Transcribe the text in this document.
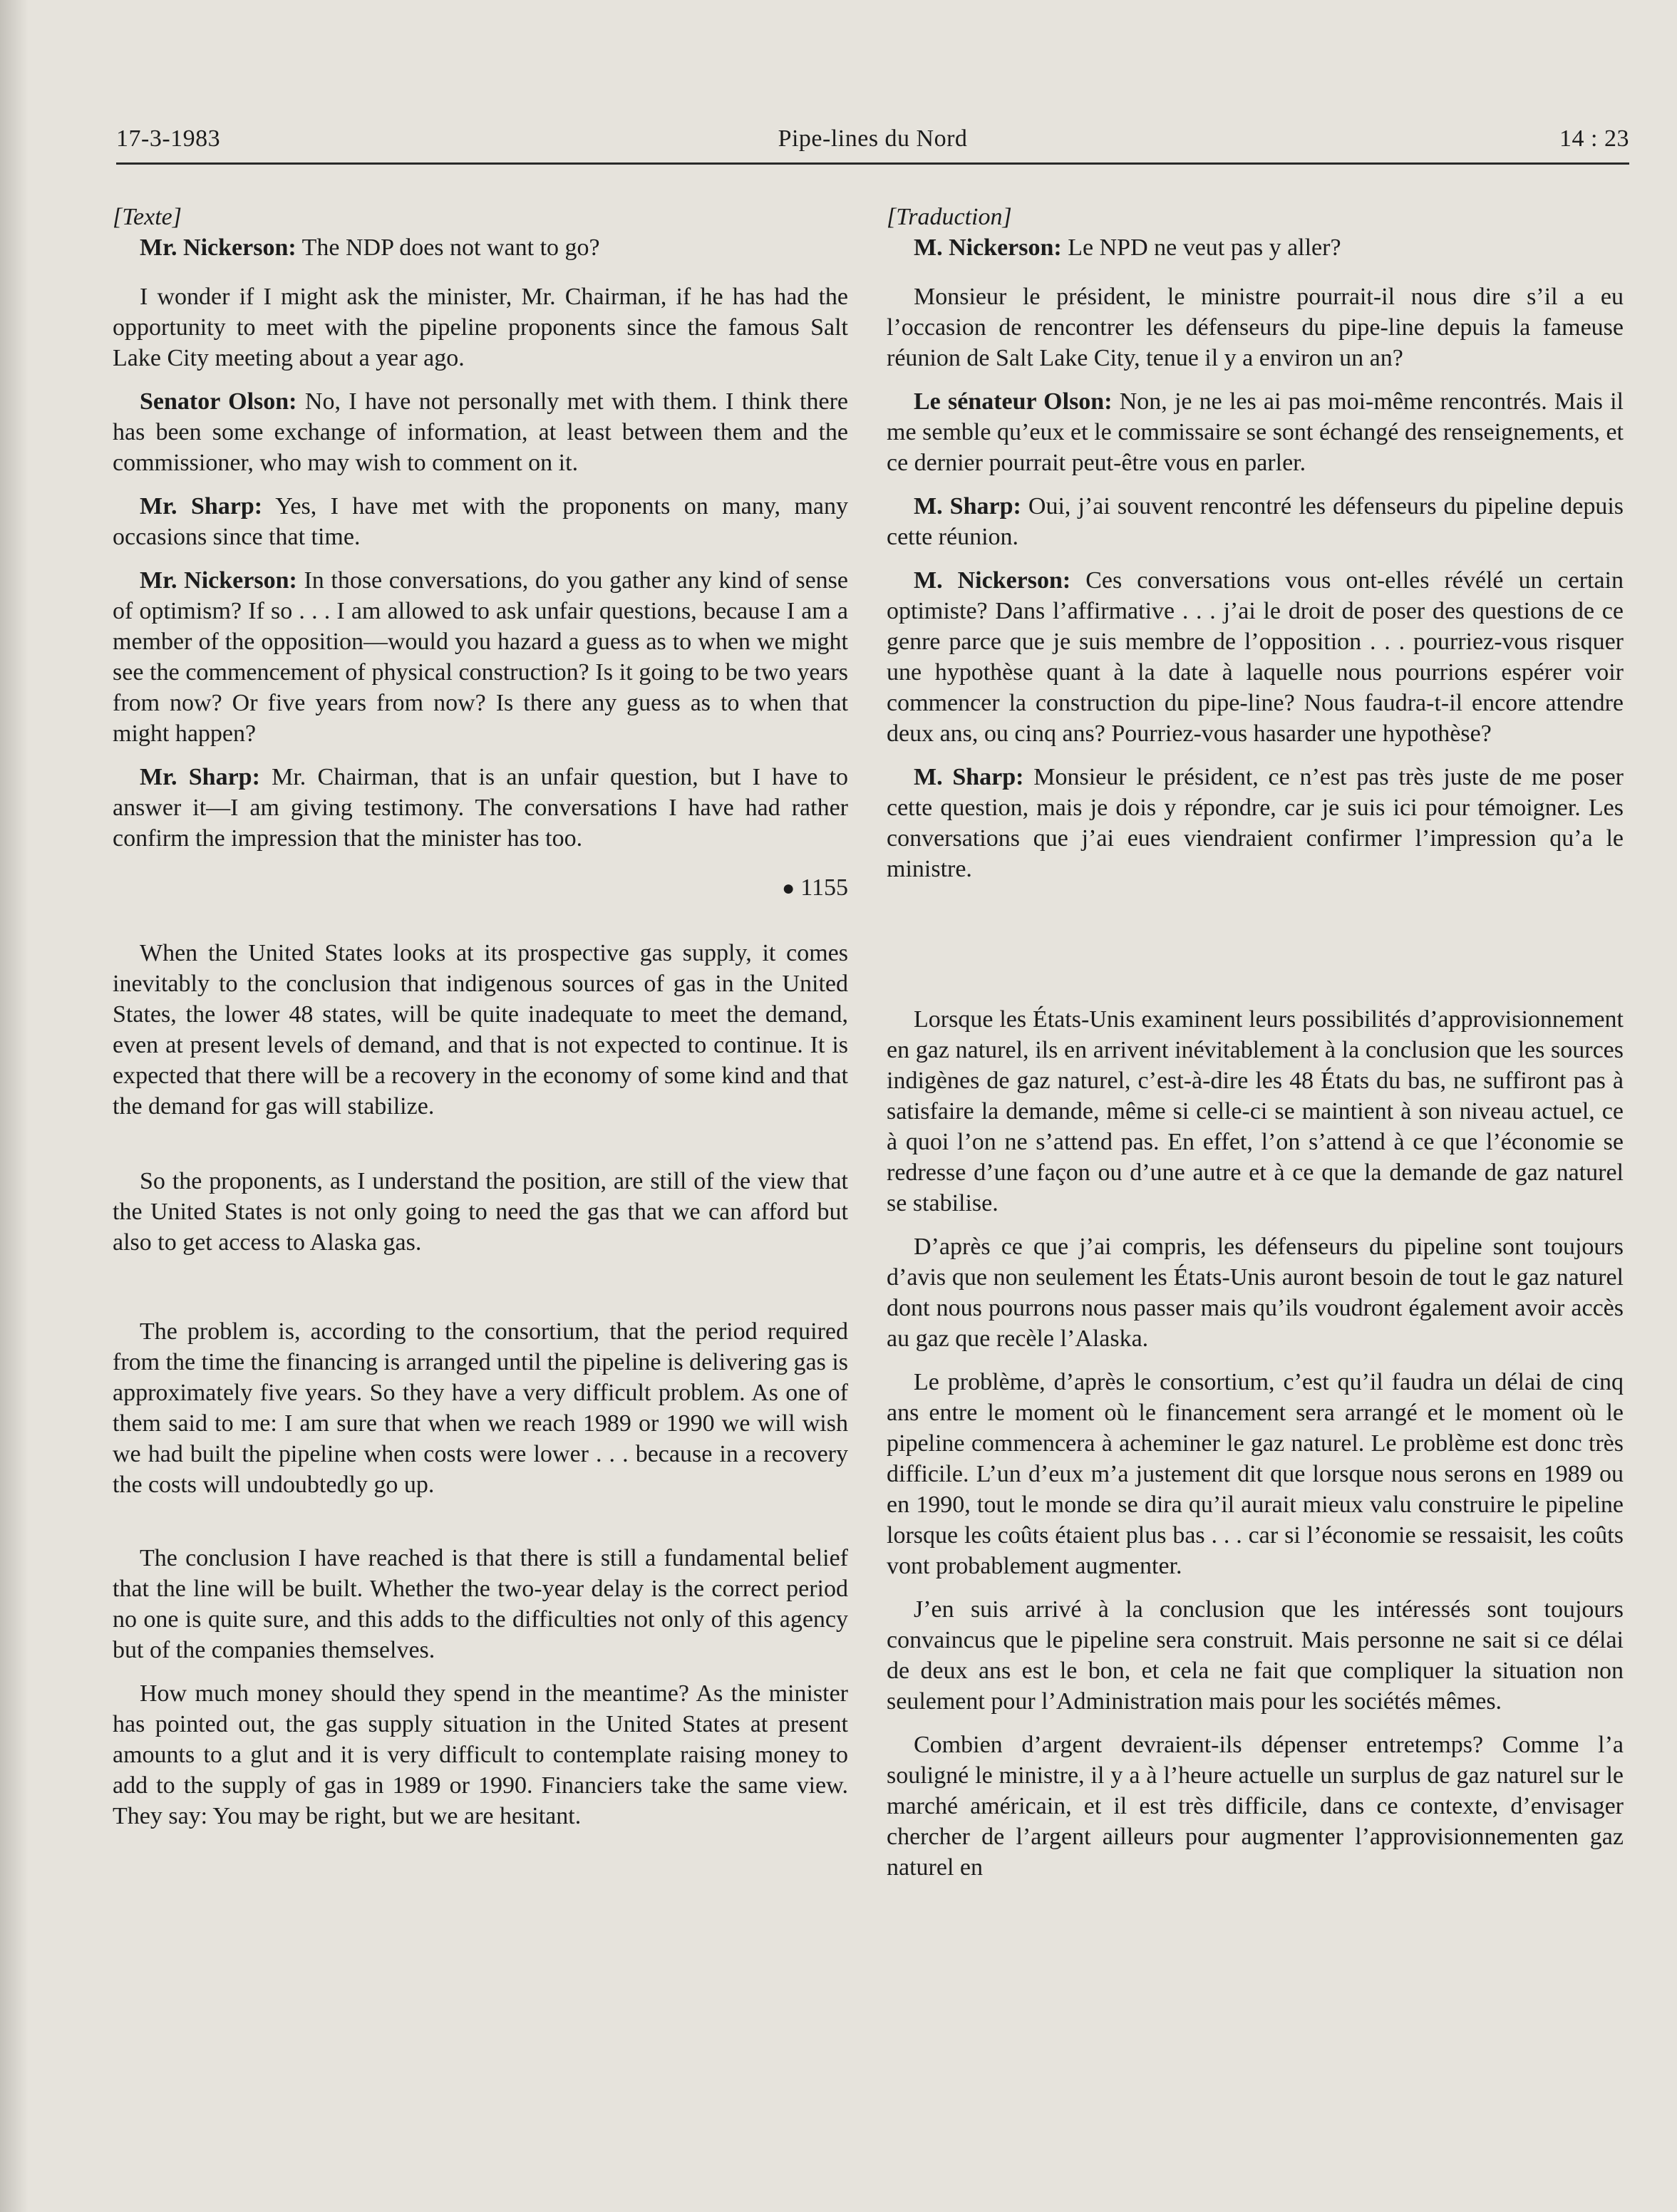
17-3-1983	Pipe-lines du Nord	14 : 23

[Texte]

Mr. Nickerson: The NDP does not want to go?

I wonder if I might ask the minister, Mr. Chairman, if he has had the opportunity to meet with the pipeline proponents since the famous Salt Lake City meeting about a year ago.

Senator Olson: No, I have not personally met with them. I think there has been some exchange of information, at least between them and the commissioner, who may wish to comment on it.

Mr. Sharp: Yes, I have met with the proponents on many, many occasions since that time.

Mr. Nickerson: In those conversations, do you gather any kind of sense of optimism? If so . . . I am allowed to ask unfair questions, because I am a member of the opposition—would you hazard a guess as to when we might see the commencement of physical construction? Is it going to be two years from now? Or five years from now? Is there any guess as to when that might happen?

Mr. Sharp: Mr. Chairman, that is an unfair question, but I have to answer it—I am giving testimony. The conversations I have had rather confirm the impression that the minister has too.

● 1155

When the United States looks at its prospective gas supply, it comes inevitably to the conclusion that indigenous sources of gas in the United States, the lower 48 states, will be quite inadequate to meet the demand, even at present levels of demand, and that is not expected to continue. It is expected that there will be a recovery in the economy of some kind and that the demand for gas will stabilize.

So the proponents, as I understand the position, are still of the view that the United States is not only going to need the gas that we can afford but also to get access to Alaska gas.

The problem is, according to the consortium, that the period required from the time the financing is arranged until the pipeline is delivering gas is approximately five years. So they have a very difficult problem. As one of them said to me: I am sure that when we reach 1989 or 1990 we will wish we had built the pipeline when costs were lower . . . because in a recovery the costs will undoubtedly go up.

The conclusion I have reached is that there is still a fundamental belief that the line will be built. Whether the two-year delay is the correct period no one is quite sure, and this adds to the difficulties not only of this agency but of the companies themselves.

How much money should they spend in the meantime? As the minister has pointed out, the gas supply situation in the United States at present amounts to a glut and it is very difficult to contemplate raising money to add to the supply of gas in 1989 or 1990. Financiers take the same view. They say: You may be right, but we are hesitant.

[Traduction]

M. Nickerson: Le NPD ne veut pas y aller?

Monsieur le président, le ministre pourrait-il nous dire s’il a eu l’occasion de rencontrer les défenseurs du pipe-line depuis la fameuse réunion de Salt Lake City, tenue il y a environ un an?

Le sénateur Olson: Non, je ne les ai pas moi-même rencontrés. Mais il me semble qu’eux et le commissaire se sont échangé des renseignements, et ce dernier pourrait peut-être vous en parler.

M. Sharp: Oui, j’ai souvent rencontré les défenseurs du pipeline depuis cette réunion.

M. Nickerson: Ces conversations vous ont-elles révélé un certain optimiste? Dans l’affirmative . . . j’ai le droit de poser des questions de ce genre parce que je suis membre de l’opposition . . . pourriez-vous risquer une hypothèse quant à la date à laquelle nous pourrions espérer voir commencer la construction du pipe-line? Nous faudra-t-il encore attendre deux ans, ou cinq ans? Pourriez-vous hasarder une hypothèse?

M. Sharp: Monsieur le président, ce n’est pas très juste de me poser cette question, mais je dois y répondre, car je suis ici pour témoigner. Les conversations que j’ai eues viendraient confirmer l’impression qu’a le ministre.

Lorsque les États-Unis examinent leurs possibilités d’approvisionnement en gaz naturel, ils en arrivent inévitablement à la conclusion que les sources indigènes de gaz naturel, c’est-à-dire les 48 États du bas, ne suffiront pas à satisfaire la demande, même si celle-ci se maintient à son niveau actuel, ce à quoi l’on ne s’attend pas. En effet, l’on s’attend à ce que l’économie se redresse d’une façon ou d’une autre et à ce que la demande de gaz naturel se stabilise.

D’après ce que j’ai compris, les défenseurs du pipeline sont toujours d’avis que non seulement les États-Unis auront besoin de tout le gaz naturel dont nous pourrons nous passer mais qu’ils voudront également avoir accès au gaz que recèle l’Alaska.

Le problème, d’après le consortium, c’est qu’il faudra un délai de cinq ans entre le moment où le financement sera arrangé et le moment où le pipeline commencera à acheminer le gaz naturel. Le problème est donc très difficile. L’un d’eux m’a justement dit que lorsque nous serons en 1989 ou en 1990, tout le monde se dira qu’il aurait mieux valu construire le pipeline lorsque les coûts étaient plus bas . . . car si l’économie se ressaisit, les coûts vont probablement augmenter.

J’en suis arrivé à la conclusion que les intéressés sont toujours convaincus que le pipeline sera construit. Mais personne ne sait si ce délai de deux ans est le bon, et cela ne fait que compliquer la situation non seulement pour l’Administration mais pour les sociétés mêmes.

Combien d’argent devraient-ils dépenser entretemps? Comme l’a souligné le ministre, il y a à l’heure actuelle un surplus de gaz naturel sur le marché américain, et il est très difficile, dans ce contexte, d’envisager chercher de l’argent ailleurs pour augmenter l’approvisionnementen gaz naturel en
